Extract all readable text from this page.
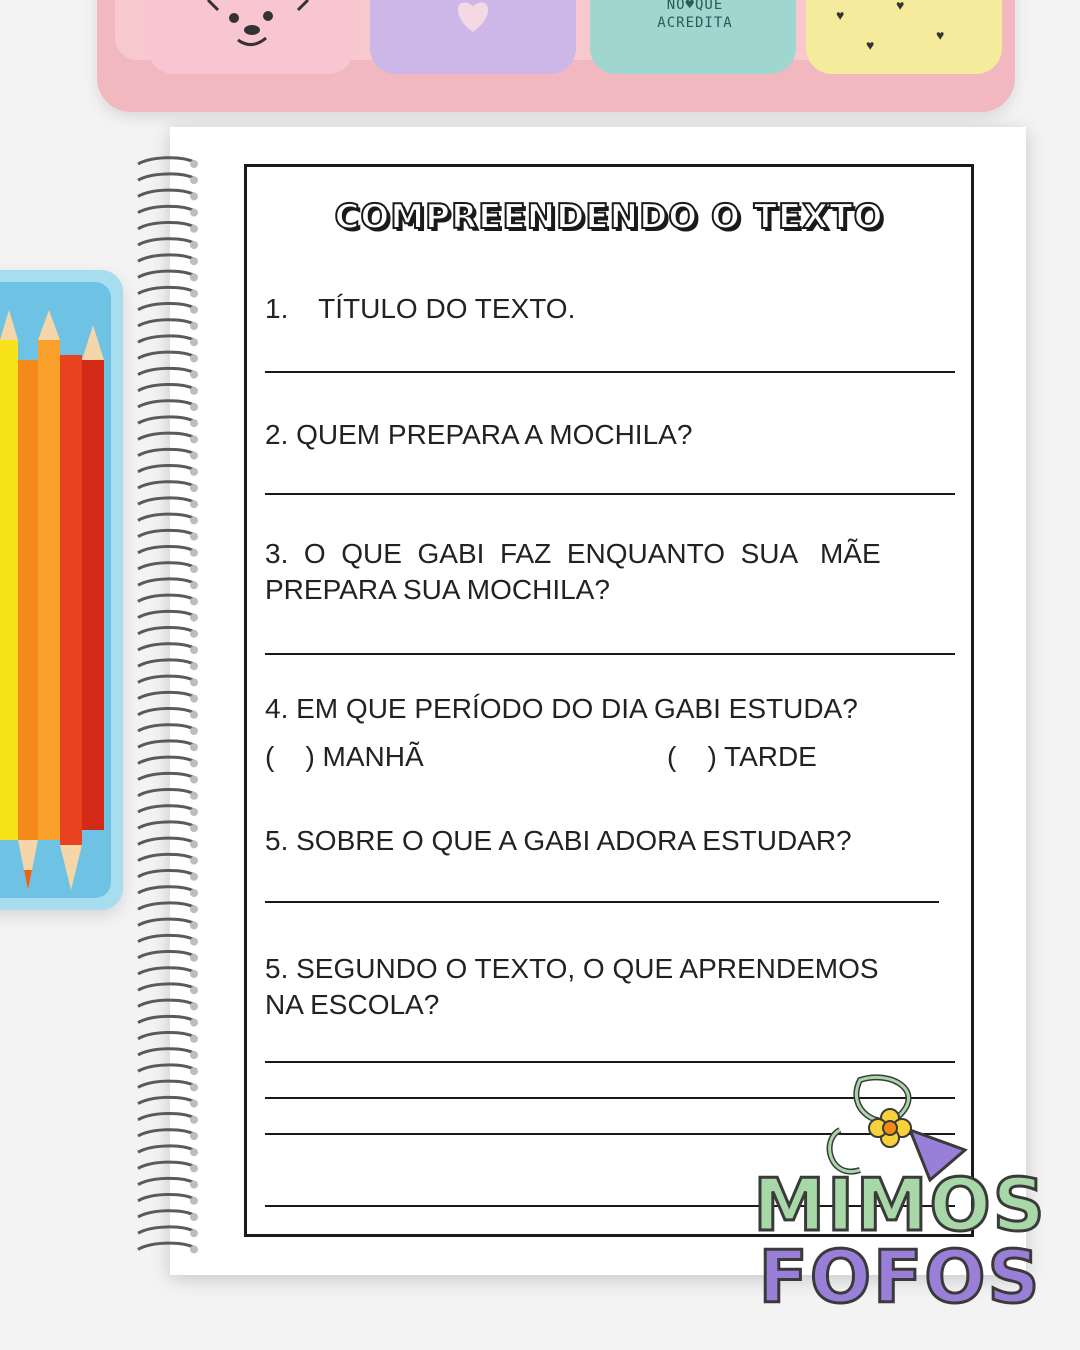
NO♥QUE
ACREDITA	♥
♥
♥
♥
COMPREENDENDO O TEXTO
1. TÍTULO DO TEXTO.
2. QUEM PREPARA A MOCHILA?
3.  O  QUE  GABI  FAZ  ENQUANTO  SUA   MÃE
PREPARA SUA MOCHILA?
4. EM QUE PERÍODO DO DIA GABI ESTUDA?
(    ) MANHÃ	(    ) TARDE
5. SOBRE O QUE A GABI ADORA ESTUDAR?
5. SEGUNDO O TEXTO, O QUE APRENDEMOS
NA ESCOLA?
MIMOS
FOFOS
